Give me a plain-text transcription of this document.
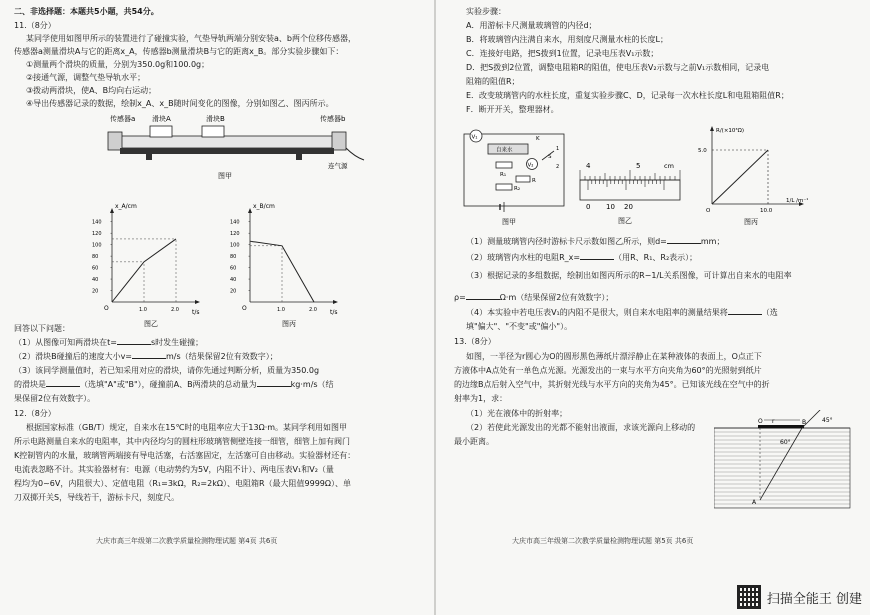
二、非选择题：本题共5小题，共54分。
11.（8分）
某同学使用如图甲所示的装置进行了碰撞实验，气垫导轨两端分别安装a、b两个位移传感器，
传感器a测量滑块A与它的距离x_A，传感器b测量滑块B与它的距离x_B。部分实验步骤如下：
①测量两个滑块的质量，分别为350.0g和100.0g；
②接通气源，调整气垫导轨水平；
③拨动两滑块，使A、B均向右运动；
④导出传感器记录的数据，绘制x_A、x_B随时间变化的图像，分别如图乙、图丙所示。
传感器a 滑块A	滑块B	传感器b
连气源
图甲
x_A/cm
t/s
140
120
100
80
60
40
20
1.0	2.0
O
图乙
x_B/cm
t/s
140
120
100
80
60
40
20
1.0	2.0
O
图丙
回答以下问题：
（1）从图像可知两滑块在t=	s时发生碰撞；
（2）滑块B碰撞后的速度大小v=	m/s（结果保留2位有效数字）；
（3）该同学测量值时，若已知采用对应的滑块，请你先通过判断分析，质量为350.0g
的滑块是	（选填"A"或"B"），碰撞前A、B两滑块的总动量为	kg·m/s（结
果保留2位有效数字）。
12.（8分）
根据国家标准（GB/T）规定，自来水在15℃时的电阻率应大于13Ω·m。某同学利用如图甲
所示电路测量自来水的电阻率，其中内径均匀的圆柱形玻璃管侧壁连接一细管，细管上加有阀门
K控制管内的水量，玻璃管两端接有导电活塞，右活塞固定，左活塞可自由移动。实验器材还有：
电流表忽略不计。其实验器材有：电源（电动势约为5V，内阻不计）、两电压表V₁和V₂（量
程均为0~6V，内阻很大）、定值电阻（R₁=3kΩ，R₂=2kΩ）、电阻箱R（最大阻值9999Ω）、单
刀双掷开关S，导线若干，游标卡尺，刻度尺。
大庆市高三年级第二次教学质量检测物理试题 第4页 共6页
实验步骤：
A．用游标卡尺测量玻璃管的内径d；
B．将玻璃管内注满自来水，用刻度尺测量水柱的长度L；
C．连接好电路，把S拨到1位置，记录电压表V₁示数；
D．把S拨到2位置，调整电阻箱R的阻值，使电压表V₂示数与之前V₁示数相同，记录电
阻箱的阻值R；
E．改变玻璃管内的水柱长度，重复实验步骤C、D，记录每一次水柱长度L和电阻箱阻值R；
F．断开开关，整理器材。
V₁
自来水
K
R₁
V₂
S
1
2
R₂
R
图甲
4	5	cm
0 10 20
图乙
R/(×10³Ω)
5.0
10.0
1/L /m⁻¹
O
图丙
（1）测量玻璃管内径时游标卡尺示数如图乙所示，则d=	mm；
（2）玻璃管内水柱的电阻R_x=	（用R、R₁、R₂表示）；
（3）根据记录的多组数据，绘制出如图丙所示的R−1/L关系图像，可计算出自来水的电阻率
ρ=	Ω·m（结果保留2位有效数字）；
（4）本实验中若电压表V₁的内阻不是很大，则自来水电阻率的测量结果将	（选
填"偏大"、"不变"或"偏小"）。
13.（8分）
如图，一半径为r圆心为O的圆形黑色薄纸片漂浮静止在某种液体的表面上，O点正下
方液体中A点处有一单色点光源。光源发出的一束与水平方向夹角为60°的光照射到纸片
的边缘B点后射入空气中，其折射光线与水平方向的夹角为45°。已知该光线在空气中的折
射率为1，求：
（1）光在液体中的折射率；
（2）若使此光源发出的光都不能射出液面，求该光源向上移动的
最小距离。
r
O	B	45°
60°
A
大庆市高三年级第二次教学质量检测物理试题 第5页 共6页
扫描全能王 创建
